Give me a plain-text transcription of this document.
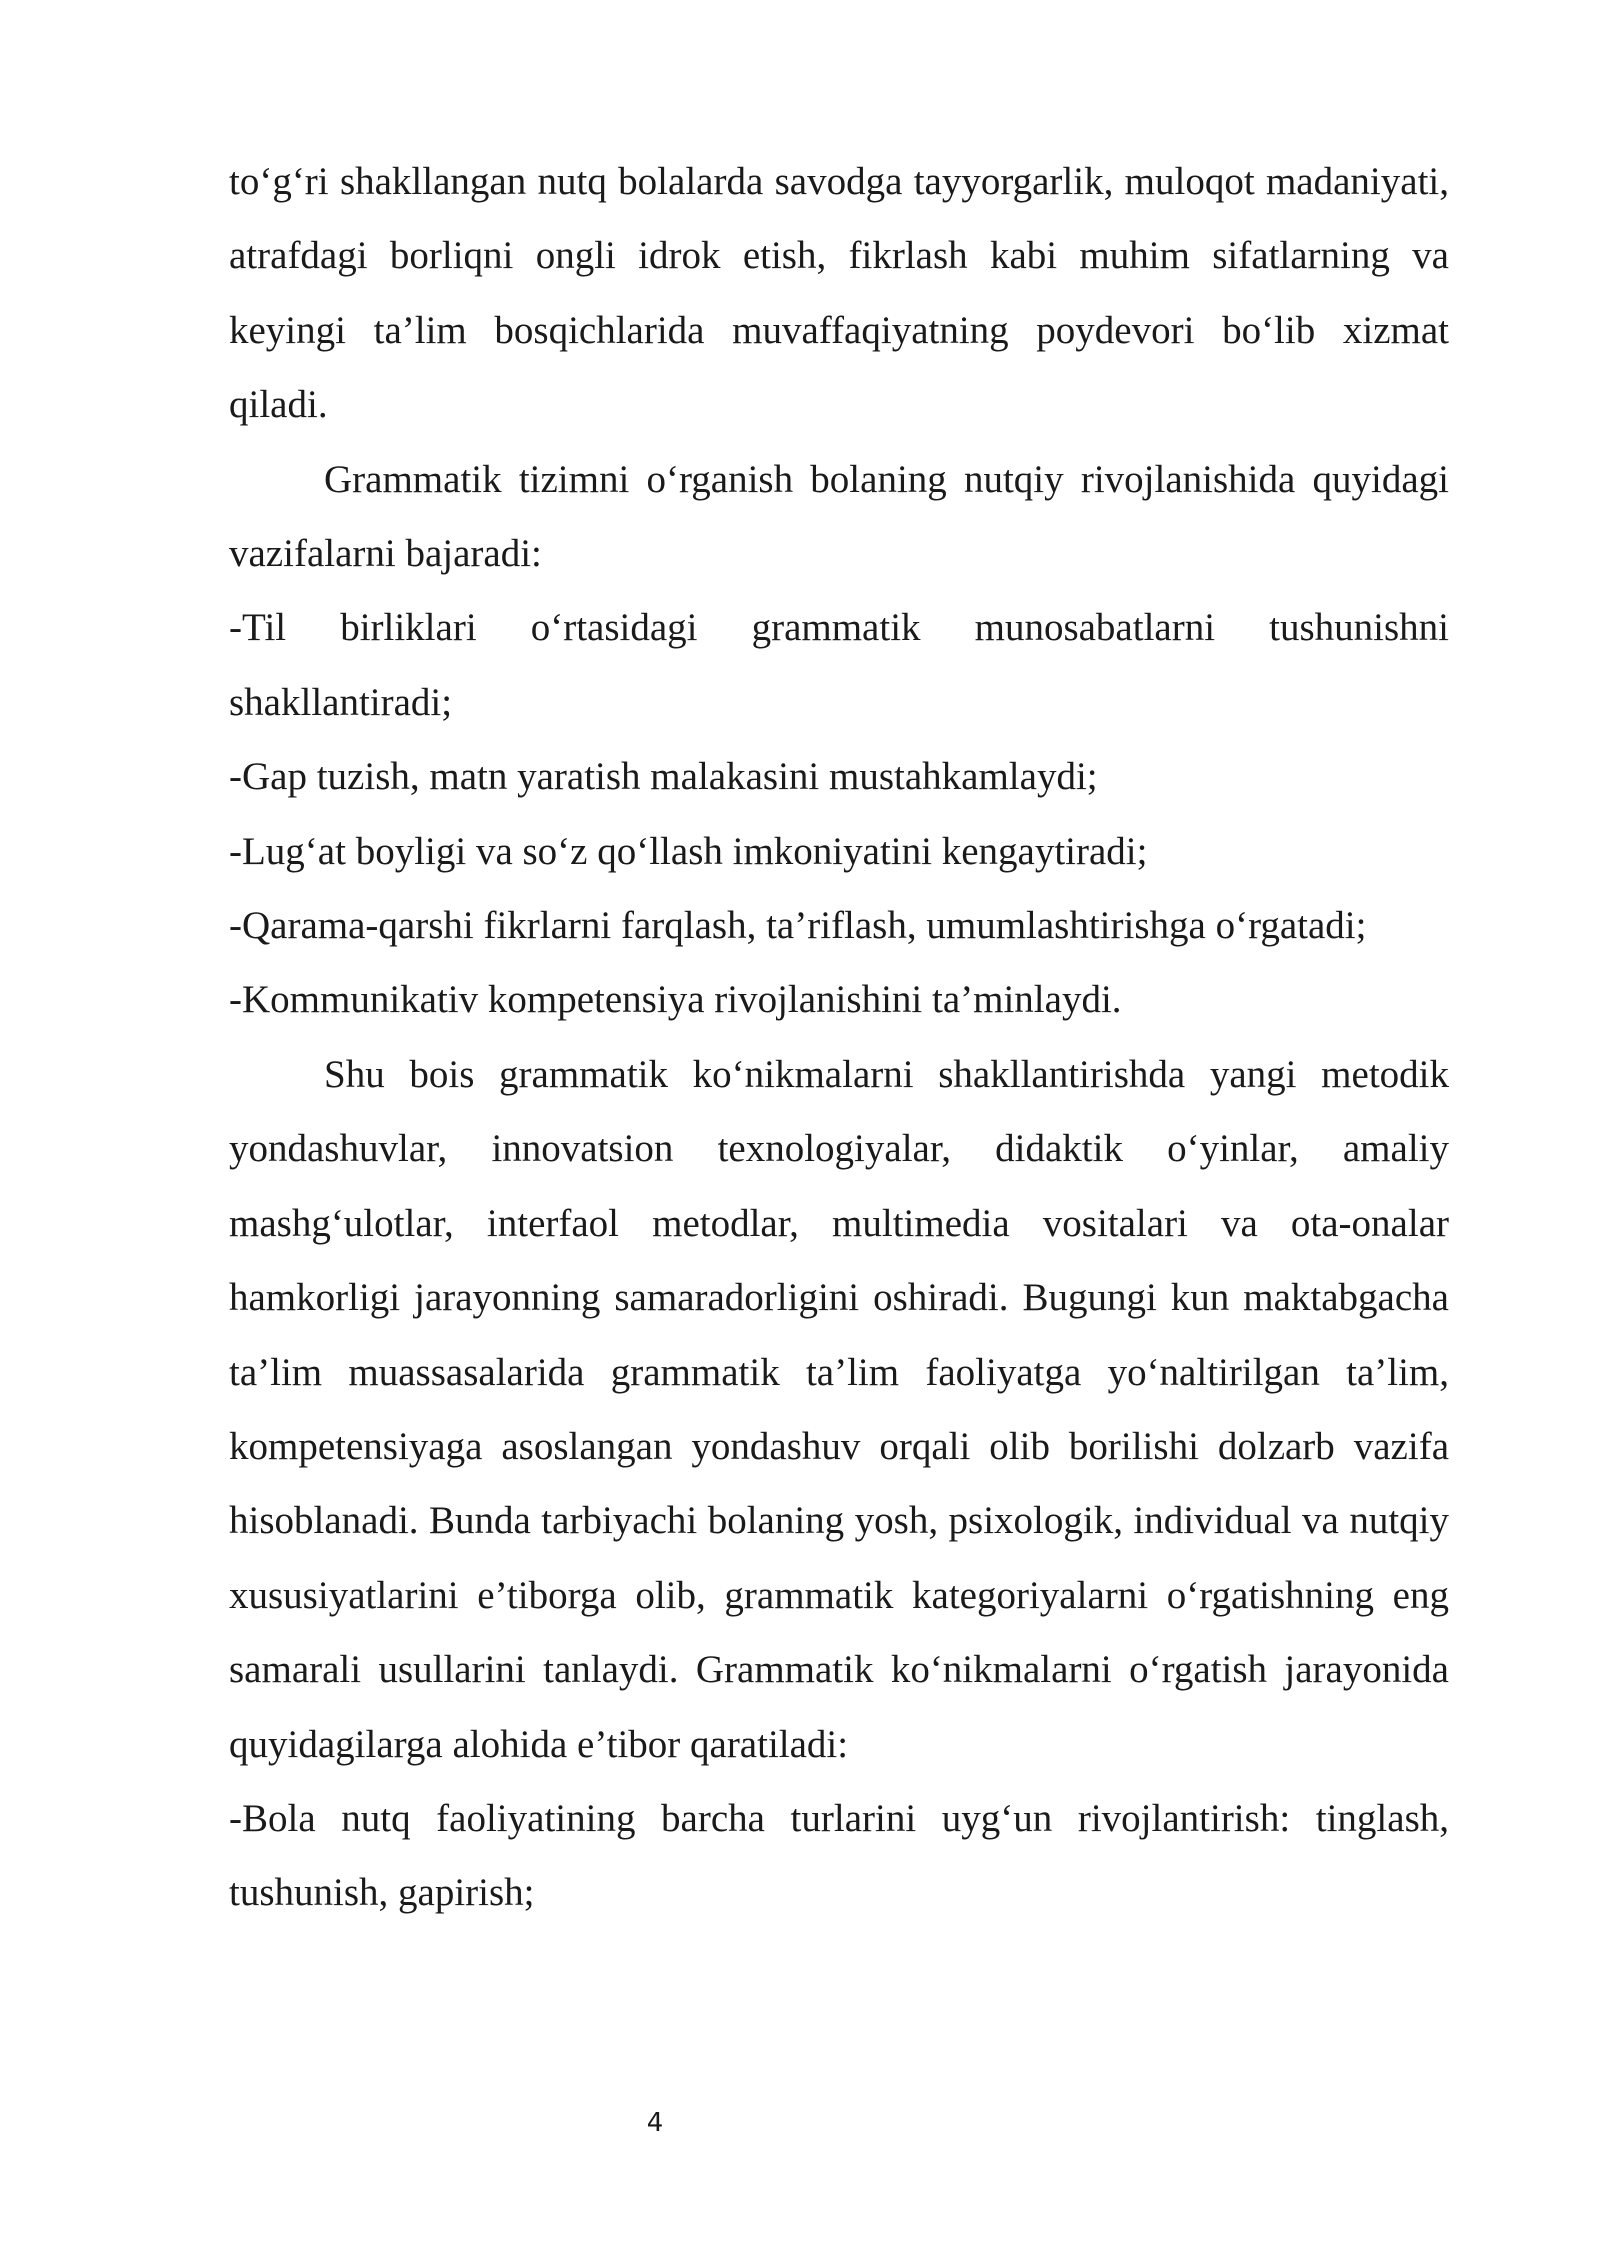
to‘g‘ri shakllangan nutq bolalarda savodga tayyorgarlik, muloqot madaniyati, atrafdagi borliqni ongli idrok etish, fikrlash kabi muhim sifatlarning va keyingi ta’lim bosqichlarida muvaffaqiyatning poydevori bo‘lib xizmat qiladi.

Grammatik tizimni o‘rganish bolaning nutqiy rivojlanishida quyidagi vazifalarni bajaradi:

-Til birliklari o‘rtasidagi grammatik munosabatlarni tushunishni shakllantiradi;

-Gap tuzish, matn yaratish malakasini mustahkamlaydi;

-Lug‘at boyligi va so‘z qo‘llash imkoniyatini kengaytiradi;

-Qarama-qarshi fikrlarni farqlash, ta’riflash, umumlashtirishga o‘rgatadi;

-Kommunikativ kompetensiya rivojlanishini ta’minlaydi.

Shu bois grammatik ko‘nikmalarni shakllantirishda yangi metodik yondashuvlar, innovatsion texnologiyalar, didaktik o‘yinlar, amaliy mashg‘ulotlar, interfaol metodlar, multimedia vositalari va ota-onalar hamkorligi jarayonning samaradorligini oshiradi. Bugungi kun maktabgacha ta’lim muassasalarida grammatik ta’lim faoliyatga yo‘naltirilgan ta’lim, kompetensiyaga asoslangan yondashuv orqali olib borilishi dolzarb vazifa hisoblanadi. Bunda tarbiyachi bolaning yosh, psixologik, individual va nutqiy xususiyatlarini e’tiborga olib, grammatik kategoriyalarni o‘rgatishning eng samarali usullarini tanlaydi. Grammatik ko‘nikmalarni o‘rgatish jarayonida quyidagilarga alohida e’tibor qaratiladi:

-Bola nutq faoliyatining barcha turlarini uyg‘un rivojlantirish: tinglash, tushunish, gapirish;

4
